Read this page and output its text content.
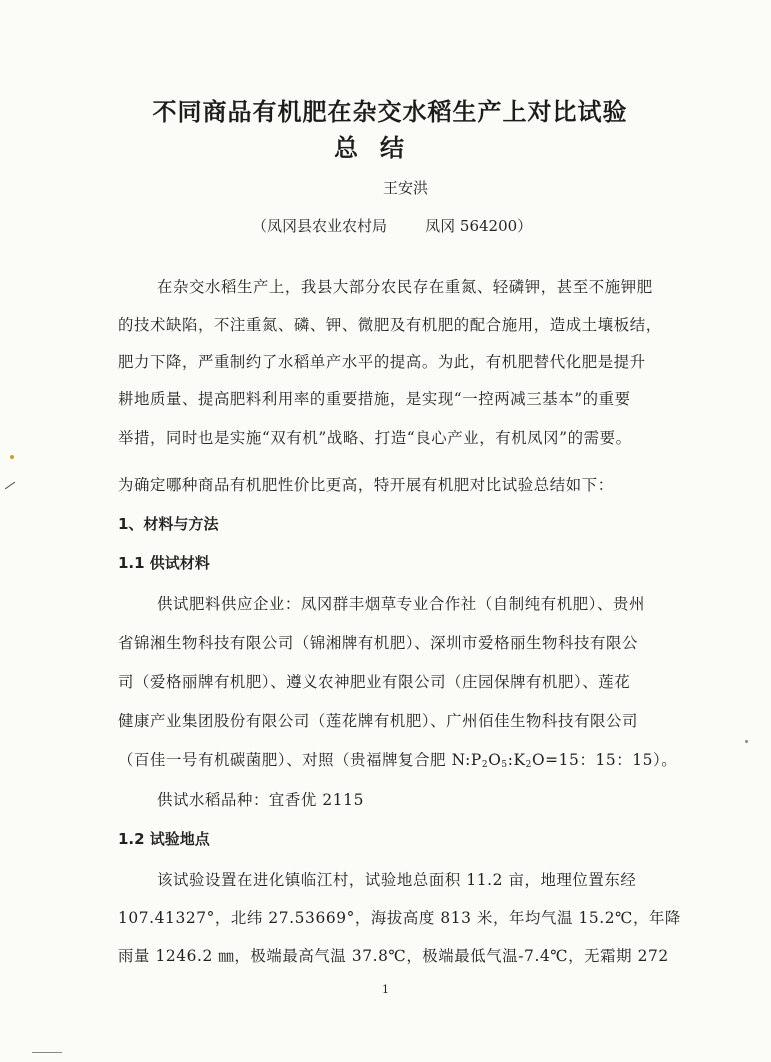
不同商品有机肥在杂交水稻生产上对比试验
总结
王安洪
（凤冈县农业农村局        凤冈 564200）
在杂交水稻生产上，我县大部分农民存在重氮、轻磷钾，甚至不施钾肥
的技术缺陷，不注重氮、磷、钾、微肥及有机肥的配合施用，造成土壤板结，
肥力下降，严重制约了水稻单产水平的提高。为此，有机肥替代化肥是提升
耕地质量、提高肥料利用率的重要措施，是实现“一控两减三基本”的重要
举措，同时也是实施“双有机”战略、打造“良心产业，有机凤冈”的需要。
为确定哪种商品有机肥性价比更高，特开展有机肥对比试验总结如下：
1、材料与方法
1.1 供试材料
供试肥料供应企业：凤冈群丰烟草专业合作社（自制纯有机肥）、贵州
省锦湘生物科技有限公司（锦湘牌有机肥）、深圳市爱格丽生物科技有限公
司（爱格丽牌有机肥）、遵义农神肥业有限公司（庄园保牌有机肥）、莲花
健康产业集团股份有限公司（莲花牌有机肥）、广州佰佳生物科技有限公司
（百佳一号有机碳菌肥）、对照（贵福牌复合肥 $N:P_2O_5:K_2O=15$：15：15）。
供试水稻品种：宜香优 2115
1.2 试验地点
该试验设置在进化镇临江村，试验地总面积 11.2 亩，地理位置东经
107.41327°，北纬 27.53669°，海拔高度 813 米，年均气温 15.2℃，年降
雨量 1246.2 ㎜，极端最高气温 37.8℃，极端最低气温-7.4℃，无霜期 272
1
